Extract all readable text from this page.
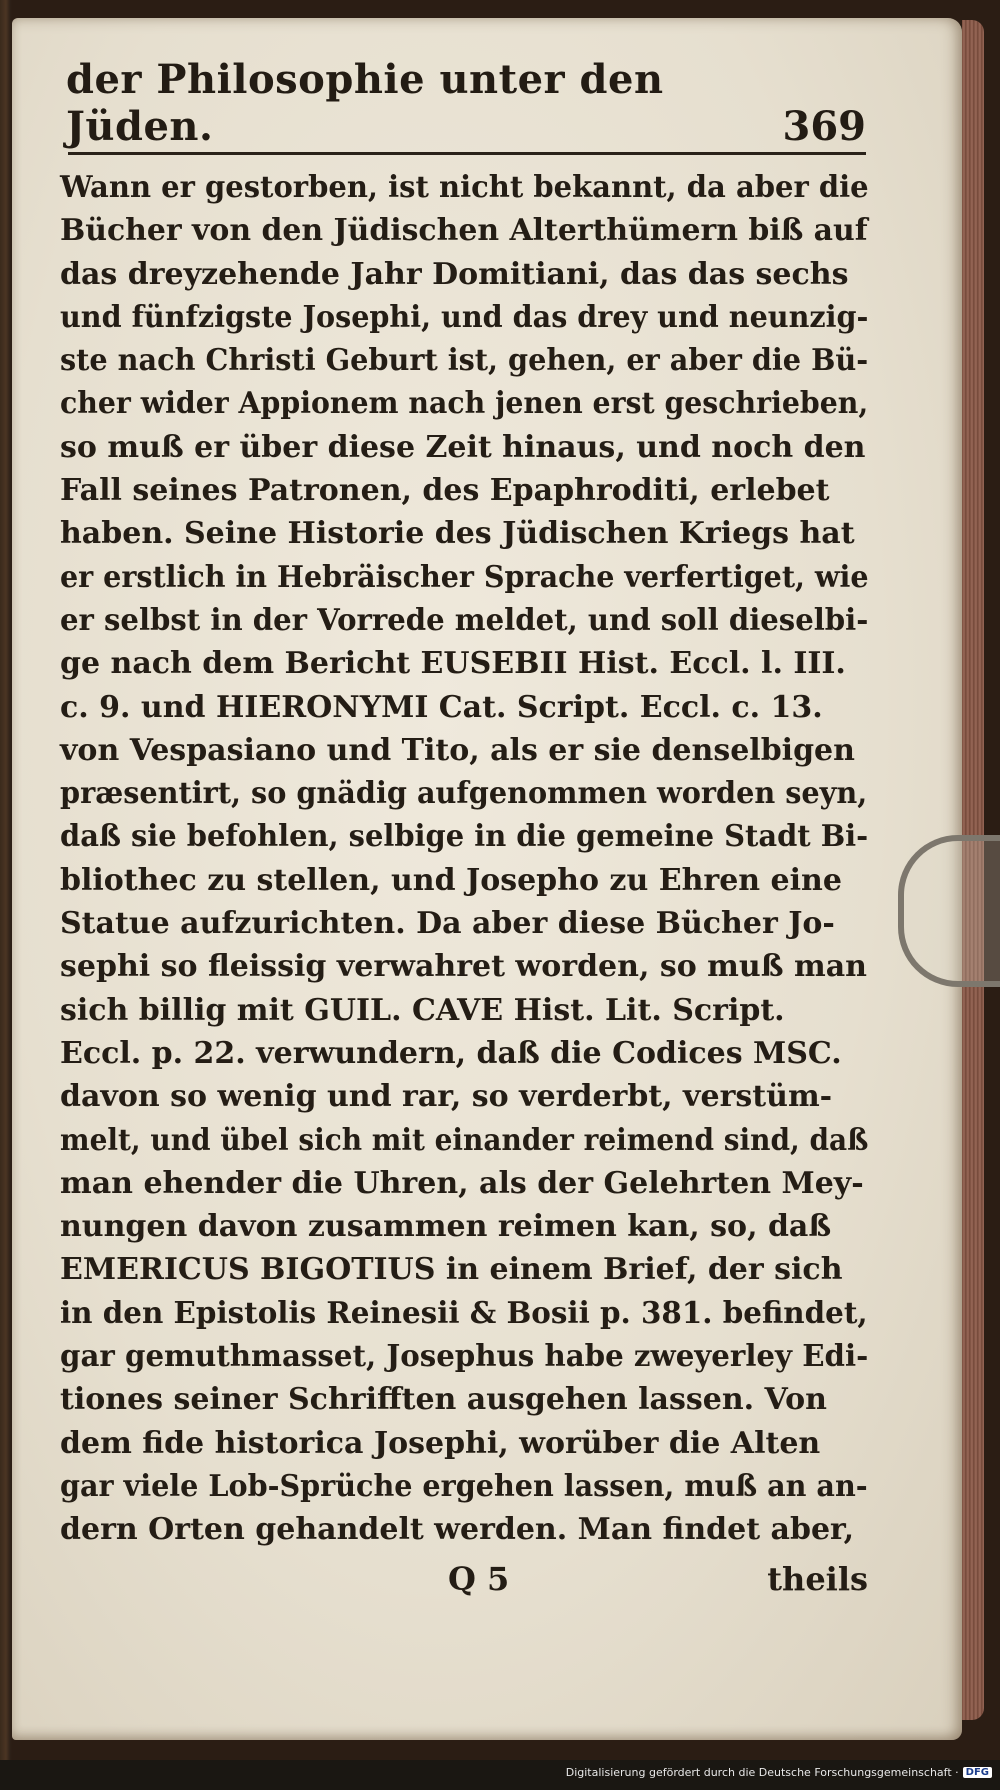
der Philosophie unter den Jüden.	369
Wann er gestorben, ist nicht bekannt, da aber die
Bücher von den Jüdischen Alterthümern biß auf
das dreyzehende Jahr Domitiani, das das sechs
und fünfzigste Josephi, und das drey und neunzig-
ste nach Christi Geburt ist, gehen, er aber die Bü-
cher wider Appionem nach jenen erst geschrieben,
so muß er über diese Zeit hinaus, und noch den
Fall seines Patronen, des Epaphroditi, erlebet
haben. Seine Historie des Jüdischen Kriegs hat
er erstlich in Hebräischer Sprache verfertiget, wie
er selbst in der Vorrede meldet, und soll dieselbi-
ge nach dem Bericht EUSEBII Hist. Eccl. l. III.
c. 9. und HIERONYMI Cat. Script. Eccl. c. 13.
von Vespasiano und Tito, als er sie denselbigen
præsentirt, so gnädig aufgenommen worden seyn,
daß sie befohlen, selbige in die gemeine Stadt Bi-
bliothec zu stellen, und Josepho zu Ehren eine
Statue aufzurichten. Da aber diese Bücher Jo-
sephi so fleissig verwahret worden, so muß man
sich billig mit GUIL. CAVE Hist. Lit. Script.
Eccl. p. 22. verwundern, daß die Codices MSC.
davon so wenig und rar, so verderbt, verstüm-
melt, und übel sich mit einander reimend sind, daß
man ehender die Uhren, als der Gelehrten Mey-
nungen davon zusammen reimen kan, so, daß
EMERICUS BIGOTIUS in einem Brief, der sich
in den Epistolis Reinesii & Bosii p. 381. befindet,
gar gemuthmasset, Josephus habe zweyerley Edi-
tiones seiner Schrifften ausgehen lassen. Von
dem fide historica Josephi, worüber die Alten
gar viele Lob-Sprüche ergehen lassen, muß an an-
dern Orten gehandelt werden. Man findet aber,
Q 5	theils
Digitalisierung gefördert durch die Deutsche Forschungsgemeinschaft · DFG
